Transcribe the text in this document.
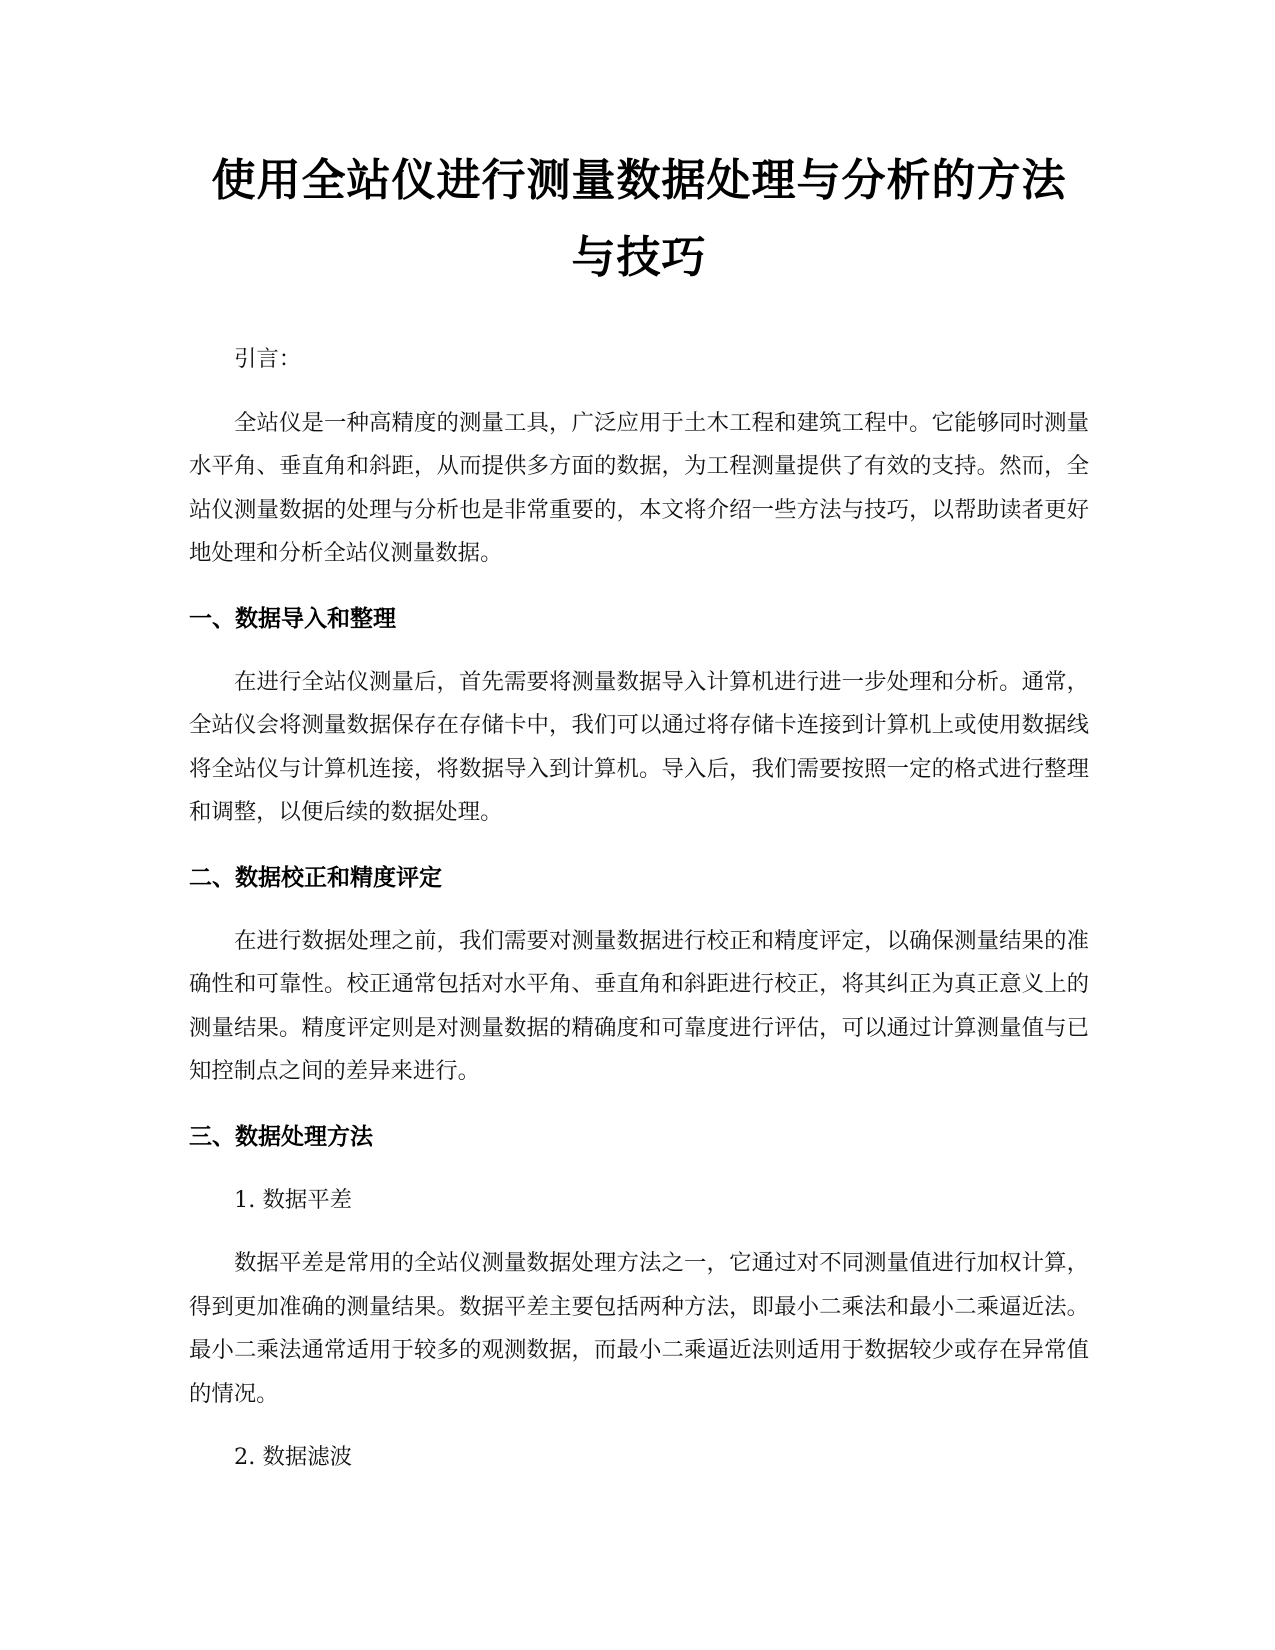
使用全站仪进行测量数据处理与分析的方法
与技巧

引言：

全站仪是一种高精度的测量工具，广泛应用于土木工程和建筑工程中。它能够同时测量水平角、垂直角和斜距，从而提供多方面的数据，为工程测量提供了有效的支持。然而，全站仪测量数据的处理与分析也是非常重要的，本文将介绍一些方法与技巧，以帮助读者更好地处理和分析全站仪测量数据。

一、数据导入和整理

在进行全站仪测量后，首先需要将测量数据导入计算机进行进一步处理和分析。通常，全站仪会将测量数据保存在存储卡中，我们可以通过将存储卡连接到计算机上或使用数据线将全站仪与计算机连接，将数据导入到计算机。导入后，我们需要按照一定的格式进行整理和调整，以便后续的数据处理。

二、数据校正和精度评定

在进行数据处理之前，我们需要对测量数据进行校正和精度评定，以确保测量结果的准确性和可靠性。校正通常包括对水平角、垂直角和斜距进行校正，将其纠正为真正意义上的测量结果。精度评定则是对测量数据的精确度和可靠度进行评估，可以通过计算测量值与已知控制点之间的差异来进行。

三、数据处理方法

1. 数据平差

数据平差是常用的全站仪测量数据处理方法之一，它通过对不同测量值进行加权计算，得到更加准确的测量结果。数据平差主要包括两种方法，即最小二乘法和最小二乘逼近法。最小二乘法通常适用于较多的观测数据，而最小二乘逼近法则适用于数据较少或存在异常值的情况。

2. 数据滤波
